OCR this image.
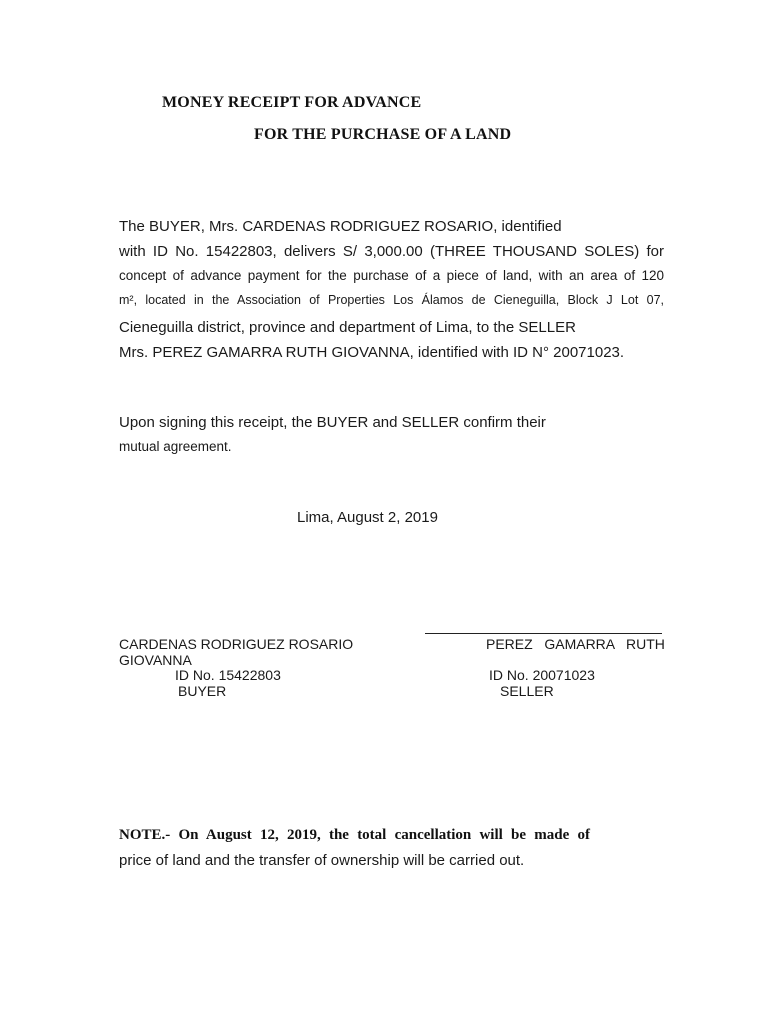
MONEY RECEIPT FOR ADVANCE
FOR THE PURCHASE OF A LAND
The BUYER, Mrs. CARDENAS RODRIGUEZ ROSARIO, identified
with ID No. 15422803, delivers S/ 3,000.00 (THREE THOUSAND SOLES) for
concept of advance payment for the purchase of a piece of land, with an area of 120
m², located in the Association of Properties Los Álamos de Cieneguilla, Block J Lot 07,
Cieneguilla district, province and department of Lima, to the SELLER
Mrs. PEREZ GAMARRA RUTH GIOVANNA, identified with ID N° 20071023.
Upon signing this receipt, the BUYER and SELLER confirm their
mutual agreement.
Lima, August 2, 2019
CARDENAS RODRIGUEZ ROSARIO
GIOVANNA
ID No. 15422803
BUYER
PEREZ   GAMARRA   RUTH
ID No. 20071023
SELLER
NOTE.- On August 12, 2019, the total cancellation will be made of
price of land and the transfer of ownership will be carried out.
